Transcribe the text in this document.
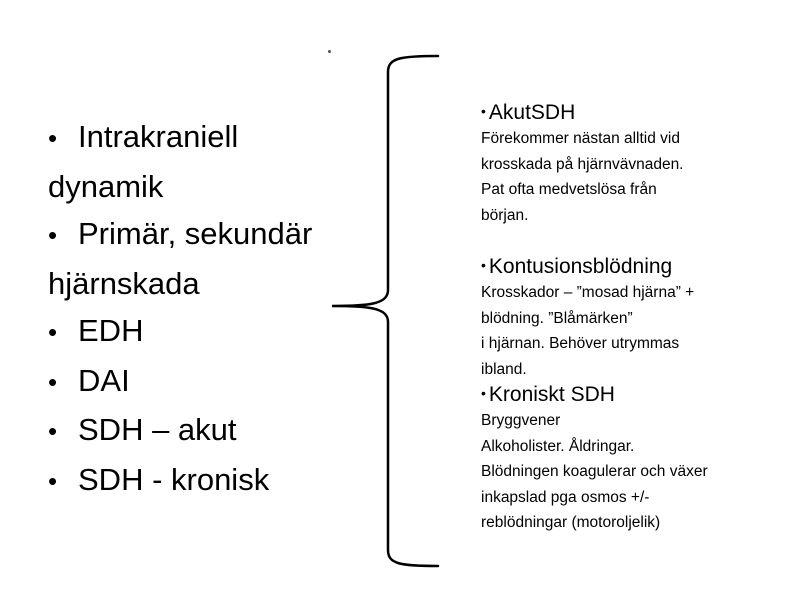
• Intrakraniell
dynamik
• Primär, sekundär
hjärnskada
• EDH
• DAI
• SDH – akut
• SDH - kronisk
• AkutSDH

Förekommer nästan alltid vid
krosskada på hjärnvävnaden.
Pat ofta medvetslösa från
början.

• Kontusionsblödning

Krosskador – ”mosad hjärna” +
blödning. ”Blåmärken”
i hjärnan. Behöver utrymmas
ibland.

• Kroniskt SDH

Bryggvener
Alkoholister. Åldringar.
Blödningen koagulerar och växer
inkapslad pga osmos +/-
reblödningar (motoroljelik)
